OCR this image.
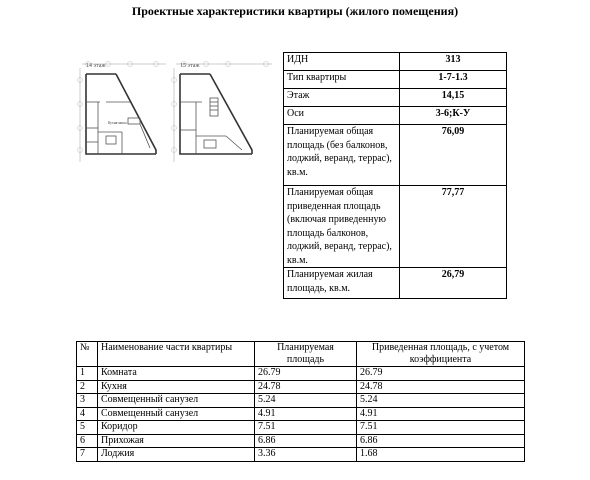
Проектные характеристики квартиры (жилого помещения)
14 этаж	15 этаж
Кухня-ниша
ИДН	313
Тип квартиры	1-7-1.3
Этаж	14,15
Оси	3-6;К-У
Планируемая общая площадь (без балконов, лоджий, веранд, террас), кв.м.	76,09
Планируемая общая приведенная площадь (включая приведенную площадь балконов, лоджий, веранд, террас), кв.м.	77,77
Планируемая жилая площадь, кв.м.	26,79
№	Наименование части квартиры	Планируемая площадь	Приведенная площадь, с учетом коэффициента
1	Комната	26.79	26.79
2	Кухня	24.78	24.78
3	Совмещенный санузел	5.24	5.24
4	Совмещенный санузел	4.91	4.91
5	Коридор	7.51	7.51
6	Прихожая	6.86	6.86
7	Лоджия	3.36	1.68
